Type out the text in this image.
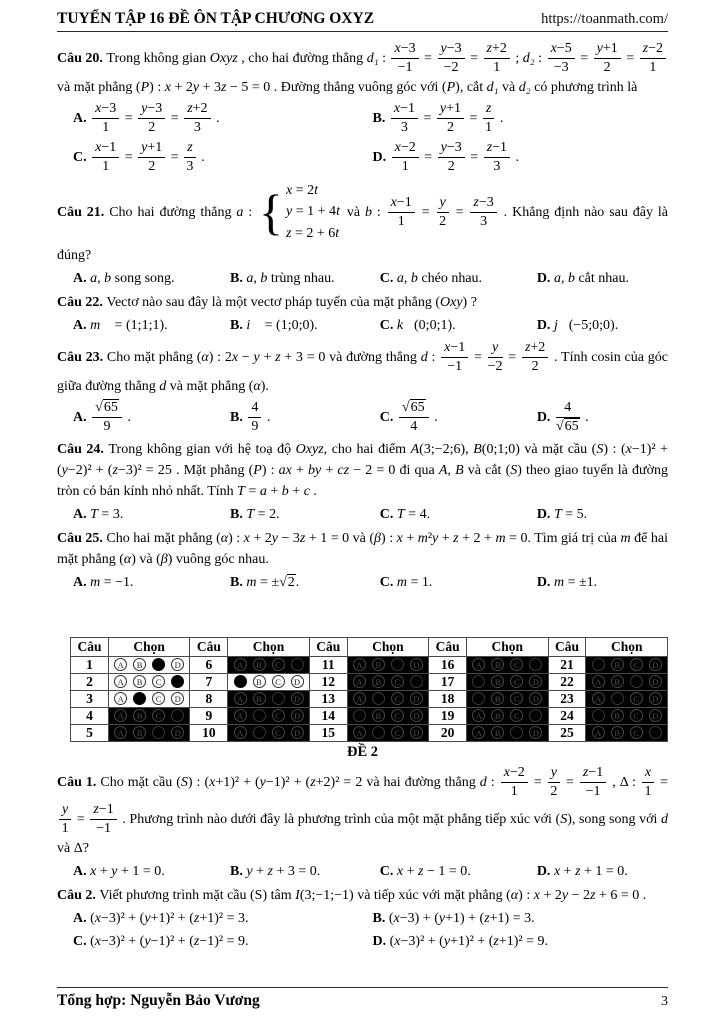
TUYỂN TẬP 16 ĐỀ ÔN TẬP CHƯƠNG OXYZ	https://toanmath.com/
Câu 20. Trong không gian Oxyz , cho hai đường thẳng d₁ : $\frac{x-3}{-1} = \frac{y-3}{-2} = \frac{z+2}{1}$ ; d₂ : $\frac{x-5}{-3} = \frac{y+1}{2} = \frac{z-2}{1}$
và mặt phẳng (P) : x + 2y + 3z − 5 = 0 . Đường thẳng vuông góc với (P), cắt d₁ và d₂ có phương trình là
A. $\frac{x-3}{1} = \frac{y-3}{2} = \frac{z+2}{3}$ .	B. $\frac{x-1}{3} = \frac{y+1}{2} = \frac{z}{1}$ .
C. $\frac{x-1}{1} = \frac{y+1}{2} = \frac{z}{3}$ .	D. $\frac{x-2}{1} = \frac{y-3}{2} = \frac{z-1}{3}$ .
Câu 21. Cho hai đường thẳng a : { x = 2t
y = 1 + 4t
z = 2 + 6t
và b : $\frac{x-1}{1} = \frac{y}{2} = \frac{z-3}{3}$ . Khẳng định nào sau đây là đúng?
A. a, b song song.	B. a, b trùng nhau.	C. a, b chéo nhau.	D. a, b cắt nhau.
Câu 22. Vectơ nào sau đây là một vectơ pháp tuyến của mặt phẳng (Oxy) ?
A. m⃗ = (1;1;1).	B. i⃗ = (1;0;0).	C. k⃗(0;0;1).	D. j⃗(−5;0;0).
Câu 23. Cho mặt phẳng (α) : 2x − y + z + 3 = 0 và đường thẳng d : $\frac{x-1}{-1} = \frac{y}{-2} = \frac{z+2}{2}$ . Tính cosin của góc giữa đường thẳng d và mặt phẳng (α).
A. $\frac{√65}{9}$ .	B. $\frac{4}{9}$ .	C. $\frac{√65}{4}$ .	D. $\frac{4}{√65}$ .
Câu 24. Trong không gian với hệ toạ độ Oxyz, cho hai điểm A(3;−2;6), B(0;1;0) và mặt cầu (S) : (x−1)² + (y−2)² + (z−3)² = 25 . Mặt phẳng (P) : ax + by + cz − 2 = 0 đi qua A, B và cắt (S) theo giao tuyến là đường tròn có bán kính nhỏ nhất. Tính T = a + b + c .
A. T = 3.	B. T = 2.	C. T = 4.	D. T = 5.
Câu 25. Cho hai mặt phẳng (α) : x + 2y − 3z + 1 = 0 và (β) : x + m²y + z + 2 + m = 0. Tìm giá trị của m để hai mặt phẳng (α) và (β) vuông góc nhau.
A. m = −1.	B. m = ±√2.	C. m = 1.	D. m = ±1.
Câu	Chọn	Câu	Chọn	Câu	Chọn	Câu	Chọn	Câu	Chọn
1	A B D	6	A B C	11	A B D	16	A B C	21	B C D
2	A B C	7	B C D	12	A B C	17	B C D	22	A B D
3	A C D	8	A B D	13	A C D	18	B C D	23	A C D
4	A B C	9	A C D	14	B C D	19	A B C	24	B C D
5	A B D	10	A C D	15	A C D	20	A B D	25	A B C
ĐỀ 2
Câu 1. Cho mặt cầu (S) : (x+1)² + (y−1)² + (z+2)² = 2 và hai đường thẳng d : $\frac{x-2}{1} = \frac{y}{2} = \frac{z-1}{-1}$ , Δ : $\frac{x}{1}$ =
$\frac{y}{1} = \frac{z-1}{-1}$ . Phương trình nào dưới đây là phương trình của một mặt phẳng tiếp xúc với (S), song song với d và Δ?
A. x + y + 1 = 0.	B. y + z + 3 = 0.	C. x + z − 1 = 0.	D. x + z + 1 = 0.
Câu 2. Viết phương trình mặt cầu (S) tâm I(3;−1;−1) và tiếp xúc với mặt phẳng (α) : x + 2y − 2z + 6 = 0 .
A. (x−3)² + (y+1)² + (z+1)² = 3.	B. (x−3) + (y+1) + (z+1) = 3.
C. (x−3)² + (y−1)² + (z−1)² = 9.	D. (x−3)² + (y+1)² + (z+1)² = 9.
Tổng hợp: Nguyễn Bảo Vương	3
